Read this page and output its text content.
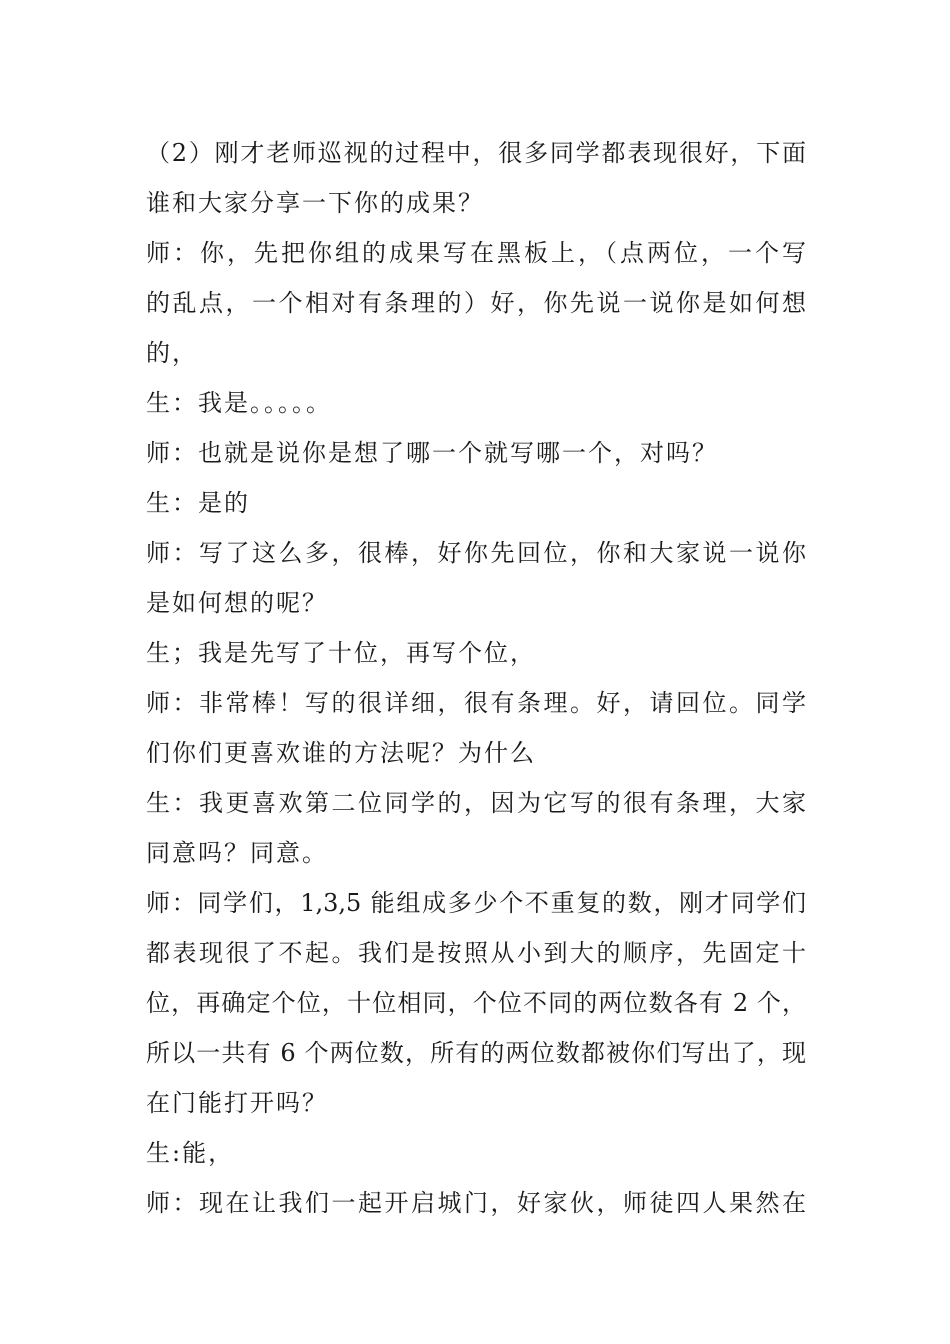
（2）刚才老师巡视的过程中，很多同学都表现很好，下面
谁和大家分享一下你的成果？
师：你，先把你组的成果写在黑板上，（点两位，一个写
的乱点，一个相对有条理的）好，你先说一说你是如何想
的，
生：我是。。。。。
师：也就是说你是想了哪一个就写哪一个，对吗？
生：是的
师：写了这么多，很棒，好你先回位，你和大家说一说你
是如何想的呢？
生；我是先写了十位，再写个位，
师：非常棒！写的很详细，很有条理。好，请回位。同学
们你们更喜欢谁的方法呢？为什么
生：我更喜欢第二位同学的，因为它写的很有条理，大家
同意吗？同意。
师：同学们，1,3,5 能组成多少个不重复的数，刚才同学们
都表现很了不起。我们是按照从小到大的顺序，先固定十
位，再确定个位，十位相同，个位不同的两位数各有 2 个，
所以一共有 6 个两位数，所有的两位数都被你们写出了，现
在门能打开吗？
生:能，
师：现在让我们一起开启城门，好家伙，师徒四人果然在
